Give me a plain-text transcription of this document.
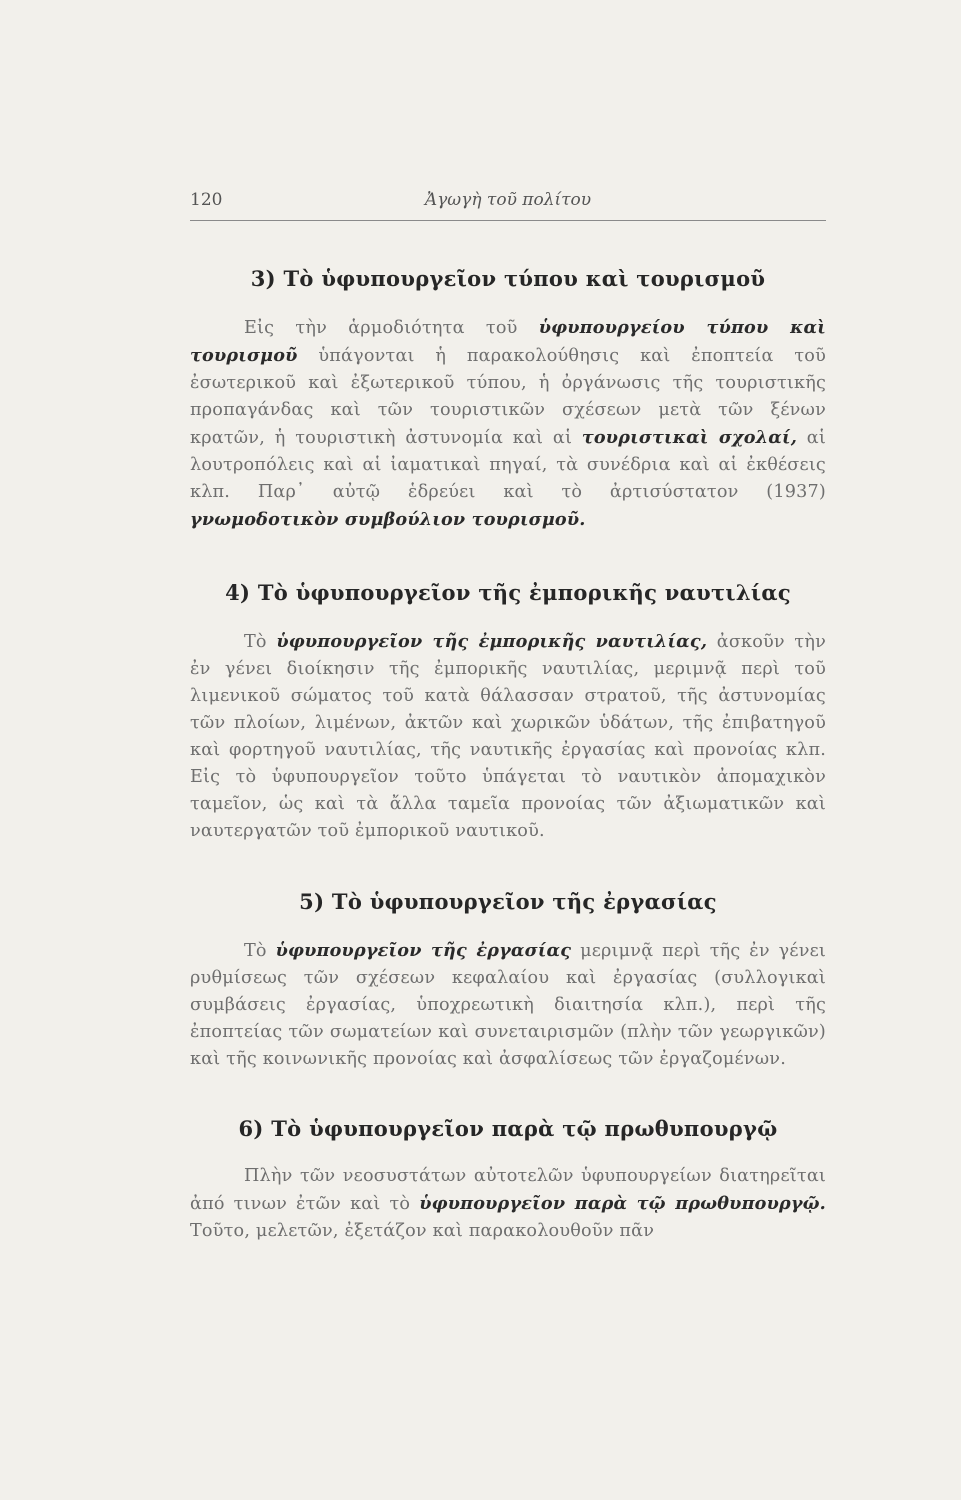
120	Ἀγωγὴ τοῦ πολίτου
3) Τὸ ὑφυπουργεῖον τύπου καὶ τουρισμοῦ

Εἰς τὴν ἁρμοδιότητα τοῦ ὑφυπουργείου τύπου καὶ τουρισμοῦ ὑπάγονται ἡ παρακολούθησις καὶ ἐποπτεία τοῦ ἐσωτερικοῦ καὶ ἐξωτερικοῦ τύπου, ἡ ὀργάνωσις τῆς τουριστικῆς προπαγάνδας καὶ τῶν τουριστικῶν σχέσεων μετὰ τῶν ξένων κρατῶν, ἡ τουριστικὴ ἀστυνομία καὶ αἱ τουριστικαὶ σχολαί, αἱ λουτροπόλεις καὶ αἱ ἰαματικαὶ πηγαί, τὰ συνέδρια καὶ αἱ ἐκθέσεις κλπ. Παρ᾽ αὐτῷ ἑδρεύει καὶ τὸ ἀρτισύστατον (1937) γνωμοδοτικὸν συμβούλιον τουρισμοῦ.

4) Τὸ ὑφυπουργεῖον τῆς ἐμπορικῆς ναυτιλίας

Τὸ ὑφυπουργεῖον τῆς ἐμπορικῆς ναυτιλίας, ἀσκοῦν τὴν ἐν γένει διοίκησιν τῆς ἐμπορικῆς ναυτιλίας, μεριμνᾷ περὶ τοῦ λιμενικοῦ σώματος τοῦ κατὰ θάλασσαν στρατοῦ, τῆς ἀστυνομίας τῶν πλοίων, λιμένων, ἀκτῶν καὶ χωρικῶν ὑδάτων, τῆς ἐπιβατηγοῦ καὶ φορτηγοῦ ναυτιλίας, τῆς ναυτικῆς ἐργασίας καὶ προνοίας κλπ. Εἰς τὸ ὑφυπουργεῖον τοῦτο ὑπάγεται τὸ ναυτικὸν ἀπομαχικὸν ταμεῖον, ὡς καὶ τὰ ἄλλα ταμεῖα προνοίας τῶν ἀξιωματικῶν καὶ ναυτεργατῶν τοῦ ἐμπορικοῦ ναυτικοῦ.

5) Τὸ ὑφυπουργεῖον τῆς ἐργασίας

Τὸ ὑφυπουργεῖον τῆς ἐργασίας μεριμνᾷ περὶ τῆς ἐν γένει ρυθμίσεως τῶν σχέσεων κεφαλαίου καὶ ἐργασίας (συλλογικαὶ συμβάσεις ἐργασίας, ὑποχρεωτικὴ διαιτησία κλπ.), περὶ τῆς ἐποπτείας τῶν σωματείων καὶ συνεταιρισμῶν (πλὴν τῶν γεωργικῶν) καὶ τῆς κοινωνικῆς προνοίας καὶ ἀσφαλίσεως τῶν ἐργαζομένων.

6) Τὸ ὑφυπουργεῖον παρὰ τῷ πρωθυπουργῷ

Πλὴν τῶν νεοσυστάτων αὐτοτελῶν ὑφυπουργείων διατηρεῖται ἀπό τινων ἐτῶν καὶ τὸ ὑφυπουργεῖον παρὰ τῷ πρωθυπουργῷ. Τοῦτο, μελετῶν, ἐξετάζον καὶ παρακολουθοῦν πᾶν
